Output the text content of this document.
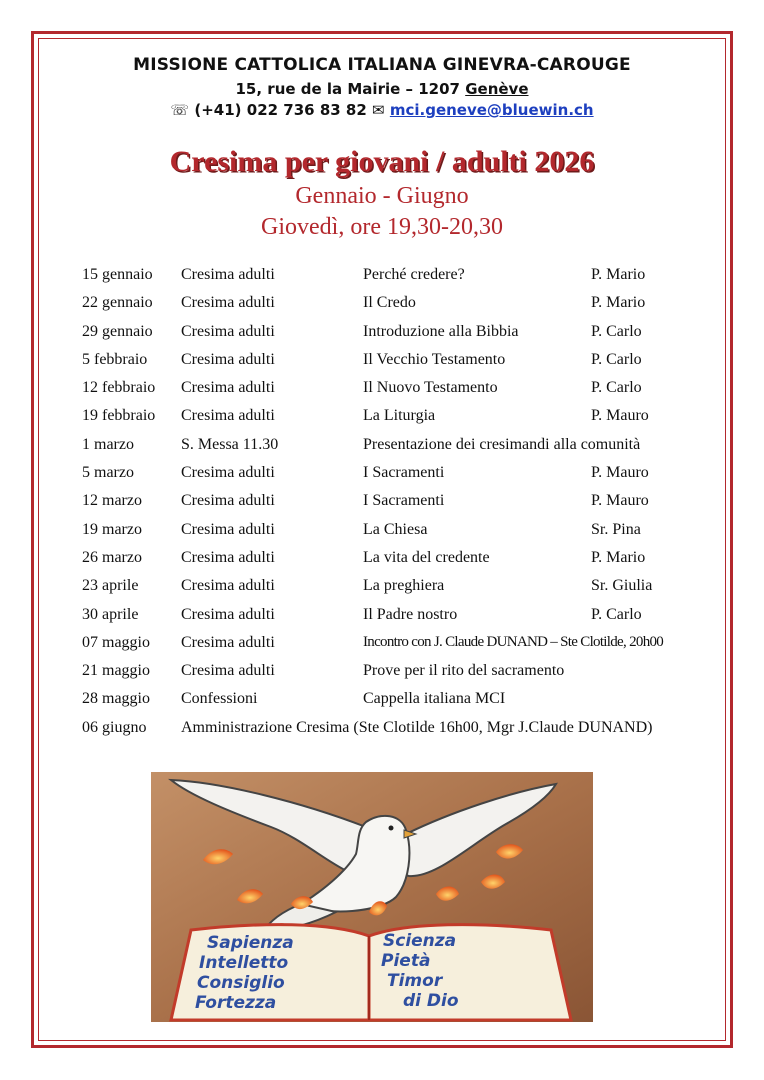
MISSIONE CATTOLICA ITALIANA GINEVRA-CAROUGE
15, rue de la Mairie – 1207 Genève
☏ (+41) 022 736 83 82 ✉ mci.geneve@bluewin.ch
Cresima per giovani / adulti 2026
Gennaio - Giugno
Giovedì, ore 19,30-20,30
15 gennaio Cresima adulti	Perché credere?	P. Mario
22 gennaio Cresima adulti	Il Credo	P. Mario
29 gennaio Cresima adulti	Introduzione alla Bibbia	P. Carlo
5 febbraio Cresima adulti	Il Vecchio Testamento	P. Carlo
12 febbraio Cresima adulti	Il Nuovo Testamento	P. Carlo
19 febbraio Cresima adulti	La Liturgia	P. Mauro
1 marzo	S. Messa 11.30	Presentazione dei cresimandi alla comunità
5 marzo	Cresima adulti	I Sacramenti	P. Mauro
12 marzo Cresima adulti	I Sacramenti	P. Mauro
19 marzo Cresima adulti	La Chiesa	Sr. Pina
26 marzo Cresima adulti	La vita del credente	P. Mario
23 aprile	Cresima adulti	La preghiera	Sr. Giulia
30 aprile	Cresima adulti	Il Padre nostro	P. Carlo
07 maggio Cresima adulti	Incontro con J. Claude DUNAND – Ste Clotilde, 20h00
21 maggio Cresima adulti	Prove per il rito del sacramento
28 maggio Confessioni	Cappella italiana MCI
06 giugno Amministrazione Cresima (Ste Clotilde 16h00, Mgr J.Claude DUNAND)
Sapienza
Intelletto
Consiglio
Fortezza
Scienza
Pietà
Timor
di Dio
